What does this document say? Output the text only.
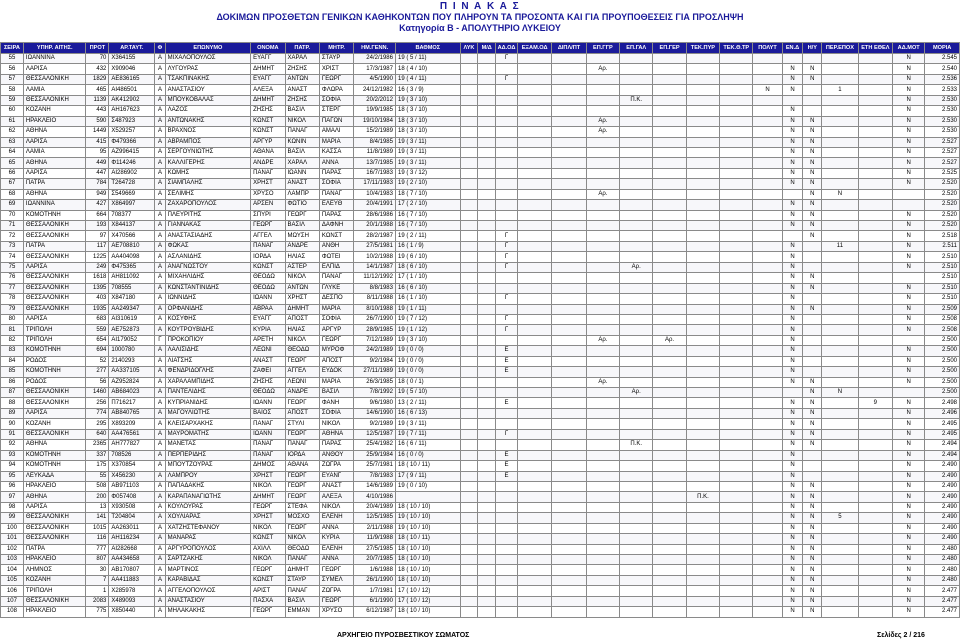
Π Ι Ν Α Κ Α Σ
ΔΟΚΙΜΩΝ ΠΡΟΣΘΕΤΩΝ ΓΕΝΙΚΩΝ ΚΑΘΗΚΟΝΤΩΝ ΠΟΥ ΠΛΗΡΟΥΝ ΤΑ ΠΡΟΣΟΝΤΑ ΚΑΙ ΓΙΑ ΠΡΟΥΠΟΘΕΣΕΙΣ ΓΙΑ ΠΡΟΣΛΗΨΗ
Κατηγορία Β - ΑΠΟΛΥΤΗΡΙΟ ΛΥΚΕΙΟΥ
ΣΕΙΡΑ	ΥΠΗΡ. ΑΙΤΗΣ.	ΠΡΟΤ	ΑΡ.ΤΑΥΤ.	Φ	ΕΠΩΝΥΜΟ	ΟΝΟΜΑ	ΠΑΤΡ.	ΜΗΤΡ.	ΗΜ.ΓΕΝΝ.	ΒΑΘΜΟΣ	ΛΥΚ	Μ/Δ	ΑΔ.ΟΔ	ΕΞΑΜ.ΟΔ	ΔΙΠΛ/ΠΤ	ΕΠ.ΓΓΡ	ΕΠ.ΓΑΛ	ΕΠ.ΓΕΡ	ΤΕΚ.ΠΥΡ	ΤΕΚ.Θ.ΤΡ	ΠΟΛΥΤ	ΕΝ.Δ	Η/Υ	ΠΕΡ.ΕΠΟΧ	ΕΤΗ ΕΘΕΛ	ΑΔ.ΜΟΤ	ΜΟΡΙΑ
55	ΙΩΑΝΝΙΝΑ	70	Χ364155	Α	ΜΙΧΑΛΟΠΟΥΛΟΣ	ΕΥΑΓΓ	ΧΑΡΑΛ	ΣΤΑΥΡ	24/2/1986	19 ( 5 / 11)			Γ													Ν	2.545
56	ΛΑΡΙΣΑ	432	Χ909046	Α	ΛΥΓΟΥΡΑΣ	ΔΗΜΗΤ	ΖΗΣΗΣ	ΧΡΙΣΤ	17/3/1987	18 ( 4 / 10)						Αρ.						Ν	Ν			Ν	2.540
57	ΘΕΣΣΑΛΟΝΙΚΗ	1829	ΑΕ836165	Α	ΤΣΑΚΠΙΝΑΚΗΣ	ΕΥΑΓΓ	ΑΝΤΩΝ	ΓΕΩΡΓ	4/5/1990	19 ( 4 / 11)			Γ									Ν	Ν			Ν	2.536
58	ΛΑΜΙΑ	465	ΑΙ486501	Α	ΑΝΑΣΤΑΣΙΟΥ	ΑΛΕΞΑ	ΑΝΑΣΤ	ΦΛΩΡΑ	24/12/1982	16 ( 3 / 9)											Ν	Ν		1		Ν	2.533
59	ΘΕΣΣΑΛΟΝΙΚΗ	1139	ΑΚ412902	Α	ΜΠΟΥΚΟΒΑΛΑΣ	ΔΗΜΗΤ	ΖΗΣΗΣ	ΣΟΦΙΑ	20/2/2012	19 ( 3 / 10)							Π.Κ.									Ν	2.530
60	ΚΟΖΑΝΗ	443	ΑΗ167623	Α	ΛΑΖΟΣ	ΖΗΣΗΣ	ΒΑΣΙΛ	ΣΤΕΡΓ	19/9/1985	18 ( 3 / 10)												Ν				Ν	2.530
61	ΗΡΑΚΛΕΙΟ	590	Σ487923	Α	ΑΝΤΩΝΑΚΗΣ	ΚΩΝΣΤ	ΝΙΚΟΛ	ΠΑΓΩΝ	19/10/1984	18 ( 3 / 10)						Αρ.						Ν	Ν			Ν	2.530
62	ΑΘΗΝΑ	1449	Χ529257	Α	ΒΡΑΧΝΟΣ	ΚΩΝΣΤ	ΠΑΝΑΓ	ΑΜΑΛΙ	15/2/1989	18 ( 3 / 10)						Αρ.						Ν	Ν			Ν	2.530
63	ΛΑΡΙΣΑ	415	Φ479366	Α	ΑΒΡΑΜΠΟΣ	ΑΡΓΥΡ	ΚΩΝΙΝ	ΜΑΡΙΑ	8/4/1985	19 ( 3 / 11)												Ν	Ν			Ν	2.527
64	ΛΑΜΙΑ	95	ΑΖ996415	Α	ΣΕΡΓΟΥΝΙΩΤΗΣ	ΑΘΑΝΑ	ΒΑΣΙΛ	ΚΑΣΣΑ	11/8/1989	19 ( 3 / 11)												Ν	Ν			Ν	2.527
65	ΑΘΗΝΑ	449	Φ114246	Α	ΚΑΛΛΙΓΕΡΗΣ	ΑΝΔΡΕ	ΧΑΡΑΛ	ΑΝΝΑ	13/7/1985	19 ( 3 / 11)												Ν	Ν			Ν	2.527
66	ΛΑΡΙΣΑ	447	ΑΙ286902	Α	ΚΩΜΗΣ	ΠΑΝΑΓ	ΙΩΑΝΝ	ΠΑΡΑΣ	16/7/1983	19 ( 3 / 12)												Ν	Ν			Ν	2.525
67	ΠΑΤΡΑ	784	Τ264728	Α	ΣΙΑΜΠΑΛΗΣ	ΧΡΗΣΤ	ΑΝΑΣΤ	ΣΟΦΙΑ	17/11/1983	19 ( 2 / 10)												Ν	Ν			Ν	2.520
68	ΑΘΗΝΑ	949	Σ549669	Α	ΣΕΛΙΜΗΣ	ΧΡΥΣΟ	ΛΑΜΠΡ	ΠΑΝΑΓ	10/4/1983	18 ( 7 / 10)						Αρ.							Ν	Ν			2.520
69	ΙΩΑΝΝΙΝΑ	427	Χ864997	Α	ΖΑΧΑΡΟΠΟΥΛΟΣ	ΑΡΣΕΝ	ΦΩΤΙΟ	ΕΛΕΥΘ	20/4/1991	17 ( 2 / 10)												Ν	Ν				2.520
70	ΚΟΜΟΤΗΝΗ	664	708377	Α	ΠΛΕΥΡΙΤΗΣ	ΣΠΥΡΙ	ΓΕΩΡΓ	ΠΑΡΑΣ	28/6/1986	16 ( 7 / 10)												Ν	Ν			Ν	2.520
71	ΘΕΣΣΑΛΟΝΙΚΗ	193	Χ844137	Α	ΓΙΑΝΝΑΚΑΣ	ΓΕΩΡΓ	ΒΑΣΙΛ	ΔΑΦΝΗ	20/1/1988	16 ( 7 / 10)												Ν	Ν			Ν	2.520
72	ΘΕΣΣΑΛΟΝΙΚΗ	97	Χ470566	Α	ΑΝΑΣΤΑΣΙΑΔΗΣ	ΑΓΓΕΛ	ΜΩΥΣΗ	ΚΩΝΣΤ	28/2/1987	19 ( 2 / 11)			Γ										Ν			Ν	2.518
73	ΠΑΤΡΑ	117	ΑΕ708810	Α	ΦΩΚΑΣ	ΠΑΝΑΓ	ΑΝΔΡΕ	ΑΝΘΗ	27/5/1981	16 ( 1 / 9)			Γ									Ν		11		Ν	2.511
74	ΘΕΣΣΑΛΟΝΙΚΗ	1225	ΑΑ404098	Α	ΑΣΛΑΝΙΔΗΣ	ΙΟΡΔΑ	ΗΛΙΑΣ	ΦΩΤΕΙ	10/2/1988	19 ( 6 / 10)			Γ									Ν				Ν	2.510
75	ΛΑΡΙΣΑ	249	Φ475365	Α	ΑΝΑΓΝΩΣΤΟΥ	ΚΩΝΣΤ	ΑΣΤΕΡ	ΕΛΠΙΔ	14/1/1987	18 ( 6 / 10)			Γ				Αρ.					Ν				Ν	2.510
76	ΘΕΣΣΑΛΟΝΙΚΗ	1618	ΑΗ811092	Α	ΜΙΧΑΗΛΙΔΗΣ	ΘΕΟΔΩ	ΝΙΚΟΛ	ΠΑΝΑΓ	11/12/1992	17 ( 1 / 10)												Ν	Ν				2.510
77	ΘΕΣΣΑΛΟΝΙΚΗ	1395	708555	Α	ΚΩΝΣΤΑΝΤΙΝΙΔΗΣ	ΘΕΟΔΩ	ΑΝΤΩΝ	ΓΛΥΚΕ	8/8/1983	16 ( 6 / 10)												Ν	Ν			Ν	2.510
78	ΘΕΣΣΑΛΟΝΙΚΗ	403	Χ847180	Α	ΙΩΝΝΙΔΗΣ	ΙΩΑΝΝ	ΧΡΗΣΤ	ΔΕΣΠΟ	8/11/1988	16 ( 1 / 10)			Γ									Ν				Ν	2.510
79	ΘΕΣΣΑΛΟΝΙΚΗ	1935	ΑΑ249347	Α	ΟΡΦΑΝΙΔΗΣ	ΑΒΡΑΑ	ΔΗΜΗΤ	ΜΑΡΙΑ	8/10/1988	19 ( 1 / 11)												Ν	Ν			Ν	2.509
80	ΛΑΡΙΣΑ	683	ΑΙ310619	Α	ΚΟΣΥΦΗΣ	ΕΥΑΓΓ	ΑΠΟΣΤ	ΣΟΦΙΑ	26/7/1990	19 ( 7 / 12)			Γ									Ν				Ν	2.508
81	ΤΡΙΠΟΛΗ	559	ΑΕ752873	Α	ΚΟΥΤΡΟΥΒΙΔΗΣ	ΚΥΡΙΑ	ΗΛΙΑΣ	ΑΡΓΥΡ	28/9/1985	19 ( 1 / 12)			Γ									Ν				Ν	2.508
82	ΤΡΙΠΟΛΗ	654	ΑΙ179052	Γ	ΠΡΟΚΟΠΙΟΥ	ΑΡΕΤΗ	ΝΙΚΟΛ	ΓΕΩΡΓ	7/12/1989	19 ( 3 / 10)						Αρ.		Αρ.				Ν					2.500
83	ΚΟΜΟΤΗΝΗ	694	1000780	Α	ΛΑΛΙΣΙΔΗΣ	ΛΕΩΝΙ	ΘΕΟΔΩ	ΜΥΡΟΦ	24/2/1989	19 ( 0 / 0)			Ε									Ν				Ν	2.500
84	ΡΟΔΟΣ	52	2140293	Α	ΛΙΑΤΣΗΣ	ΑΝΑΣΤ	ΓΕΩΡΓ	ΑΠΟΣΤ	9/2/1984	19 ( 0 / 0)			Ε									Ν				Ν	2.500
85	ΚΟΜΟΤΗΝΗ	277	ΑΑ337105	Α	ΦΕΝΔΡΙΔΟΓΛΗΣ	ΖΑΦΕΙ	ΑΓΓΕΛ	ΕΥΔΟΚ	27/11/1989	19 ( 0 / 0)			Ε									Ν				Ν	2.500
86	ΡΟΔΟΣ	56	ΑΖ952824	Α	ΧΑΡΑΛΑΜΠΙΔΗΣ	ΖΗΣΗΣ	ΛΕΩΝΙ	ΜΑΡΙΑ	26/3/1985	18 ( 0 / 1)						Αρ.						Ν	Ν			Ν	2.500
87	ΘΕΣΣΑΛΟΝΙΚΗ	1460	ΑΒ684023	Α	ΠΑΝΤΕΛΙΔΗΣ	ΘΕΟΔΩ	ΑΝΔΡΕ	ΒΑΣΙΛ	7/8/1992	19 ( 5 / 10)							Αρ.						Ν	Ν			2.500
88	ΘΕΣΣΑΛΟΝΙΚΗ	256	Π716217	Α	ΚΥΠΡΙΑΝΙΔΗΣ	ΙΩΑΝΝ	ΓΕΩΡΓ	ΦΑΝΗ	9/6/1980	13 ( 2 / 11)			Ε									Ν	Ν		9	Ν	2.498
89	ΛΑΡΙΣΑ	774	ΑΒ840765	Α	ΜΑΓΟΥΛΙΩΤΗΣ	ΒΑΪΟΣ	ΑΠΟΣΤ	ΣΟΦΙΑ	14/6/1990	16 ( 6 / 13)												Ν	Ν			Ν	2.496
90	ΚΟΖΑΝΗ	295	Χ893209	Α	ΚΛΕΙΣΑΡΧΑΚΗΣ	ΠΑΝΑΓ	ΣΤΥΛΙ	ΝΙΚΟΛ	9/2/1989	19 ( 3 / 11)												Ν	Ν			Ν	2.495
91	ΘΕΣΣΑΛΟΝΙΚΗ	640	ΑΑ476561	Α	ΜΑΥΡΟΜΑΤΗΣ	ΙΩΑΝΝ	ΓΕΩΡΓ	ΑΘΗΝΑ	12/5/1987	19 ( 7 / 11)			Γ									Ν	Ν			Ν	2.495
92	ΑΘΗΝΑ	2365	ΑΗ777827	Α	ΜΑΝΕΤΑΣ	ΠΑΝΑΓ	ΠΑΝΑΓ	ΠΑΡΑΣ	25/4/1982	16 ( 6 / 11)							Π.Κ.					Ν	Ν			Ν	2.494
93	ΚΟΜΟΤΗΝΗ	337	708526	Α	ΠΕΡΠΕΡΙΔΗΣ	ΠΑΝΑΓ	ΙΟΡΔΑ	ΑΝΘΟΥ	25/9/1984	16 ( 0 / 0)			Ε									Ν				Ν	2.494
94	ΚΟΜΟΤΗΝΗ	175	Χ370854	Α	ΜΠΟΥΤΖΟΥΡΑΣ	ΔΗΜΟΣ	ΑΘΑΝΑ	ΖΩΓΡΑ	25/7/1981	18 ( 10 / 11)			Ε									Ν				Ν	2.490
95	ΛΕΥΚΑΔΑ	55	Χ456230	Α	ΛΑΜΠΡΟΥ	ΧΡΗΣΤ	ΓΕΩΡΓ	ΕΥΑΝΓ	7/8/1983	17 ( 9 / 11)			Ε									Ν				Ν	2.490
96	ΗΡΑΚΛΕΙΟ	508	ΑΒ971103	Α	ΠΑΠΑΔΑΚΗΣ	ΝΙΚΟΛ	ΓΕΩΡΓ	ΑΝΑΣΤ	14/6/1989	19 ( 0 / 10)												Ν	Ν			Ν	2.490
97	ΑΘΗΝΑ	200	Φ057408	Α	ΚΑΡΑΠΑΝΑΓΙΩΤΗΣ	ΔΗΜΗΤ	ΓΕΩΡΓ	ΑΛΕΞΑ	4/10/1986										Π.Κ.			Ν	Ν			Ν	2.490
98	ΛΑΡΙΣΑ	13	Χ930508	Α	ΚΟΥΛΟΥΡΑΣ	ΓΕΩΡΓ	ΣΤΕΦΑ	ΝΙΚΟΛ	20/4/1989	18 ( 10 / 10)												Ν	Ν			Ν	2.490
99	ΘΕΣΣΑΛΟΝΙΚΗ	141	Τ204804	Α	ΧΟΥΛΙΑΡΑΣ	ΧΡΗΣΤ	ΜΟΣΧΟ	ΕΛΕΝΗ	12/5/1985	19 ( 10 / 10)												Ν	Ν	5		Ν	2.490
100	ΘΕΣΣΑΛΟΝΙΚΗ	1015	ΑΑ263011	Α	ΧΑΤΖΗΣΤΕΦΑΝΟΥ	ΝΙΚΟΛ	ΓΕΩΡΓ	ΑΝΝΑ	2/11/1988	19 ( 10 / 10)												Ν	Ν			Ν	2.490
101	ΘΕΣΣΑΛΟΝΙΚΗ	116	ΑΗ116234	Α	ΜΑΝΑΡΑΣ	ΚΩΝΣΤ	ΝΙΚΟΛ	ΚΥΡΙΑ	11/9/1988	18 ( 10 / 11)												Ν	Ν			Ν	2.490
102	ΠΑΤΡΑ	777	ΑΙ282668	Α	ΑΡΓΥΡΟΠΟΥΛΟΣ	ΑΧΙΛΛ	ΘΕΟΔΩ	ΕΛΕΝΗ	27/5/1985	18 ( 10 / 10)												Ν	Ν			Ν	2.480
103	ΗΡΑΚΛΕΙΟ	807	ΑΑ434658	Α	ΣΑΡΤΖΑΚΗΣ	ΝΙΚΟΛ	ΠΑΝΑΓ	ΑΝΝΑ	20/7/1985	18 ( 10 / 10)												Ν	Ν			Ν	2.480
104	ΛΗΜΝΟΣ	30	ΑΒ170807	Α	ΜΑΡΤΙΝΟΣ	ΓΕΩΡΓ	ΔΗΜΗΤ	ΓΕΩΡΓ	1/6/1988	18 ( 10 / 10)												Ν	Ν			Ν	2.480
105	ΚΟΖΑΝΗ	7	ΑΑ411883	Α	ΚΑΡΑΒΙΔΑΣ	ΚΩΝΣΤ	ΣΤΑΥΡ	ΣΥΜΕΛ	26/1/1990	18 ( 10 / 10)												Ν	Ν			Ν	2.480
106	ΤΡΙΠΟΛΗ	1	Χ285978	Α	ΑΓΓΕΛΟΠΟΥΛΟΣ	ΑΡΙΣΤ	ΠΑΝΑΓ	ΖΩΓΡΑ	1/7/1981	17 ( 10 / 12)												Ν	Ν			Ν	2.477
107	ΘΕΣΣΑΛΟΝΙΚΗ	2083	Χ489093	Α	ΑΝΑΣΤΑΣΙΟΥ	ΠΑΣΧΑ	ΒΑΣΙΛ	ΓΕΩΡΓ	6/1/1990	17 ( 10 / 12)												Ν	Ν			Ν	2.477
108	ΗΡΑΚΛΕΙΟ	775	Χ850440	Α	ΜΗΛΑΚΑΚΗΣ	ΓΕΩΡΓ	ΕΜΜΑΝ	ΧΡΥΣΟ	6/12/1987	18 ( 10 / 10)												Ν	Ν			Ν	2.477
ΑΡΧΗΓΕΙΟ ΠΥΡΟΣΒΕΣΤΙΚΟΥ ΣΩΜΑΤΟΣ	Σελίδες 2 / 216
